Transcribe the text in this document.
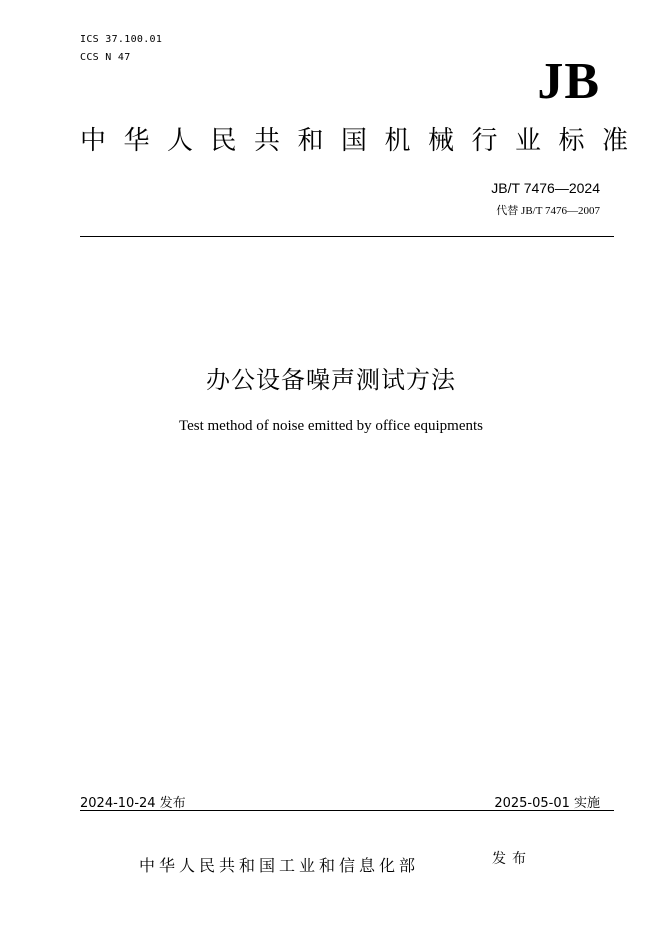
ICS 37.100.01
CCS N 47	JB
中华人民共和国机械行业标准
JB/T 7476—2024
代替 JB/T 7476—2007
办公设备噪声测试方法
Test method of noise emitted by office equipments
2024-10-24 发布	2025-05-01 实施
中华人民共和国工业和信息化部	发布
